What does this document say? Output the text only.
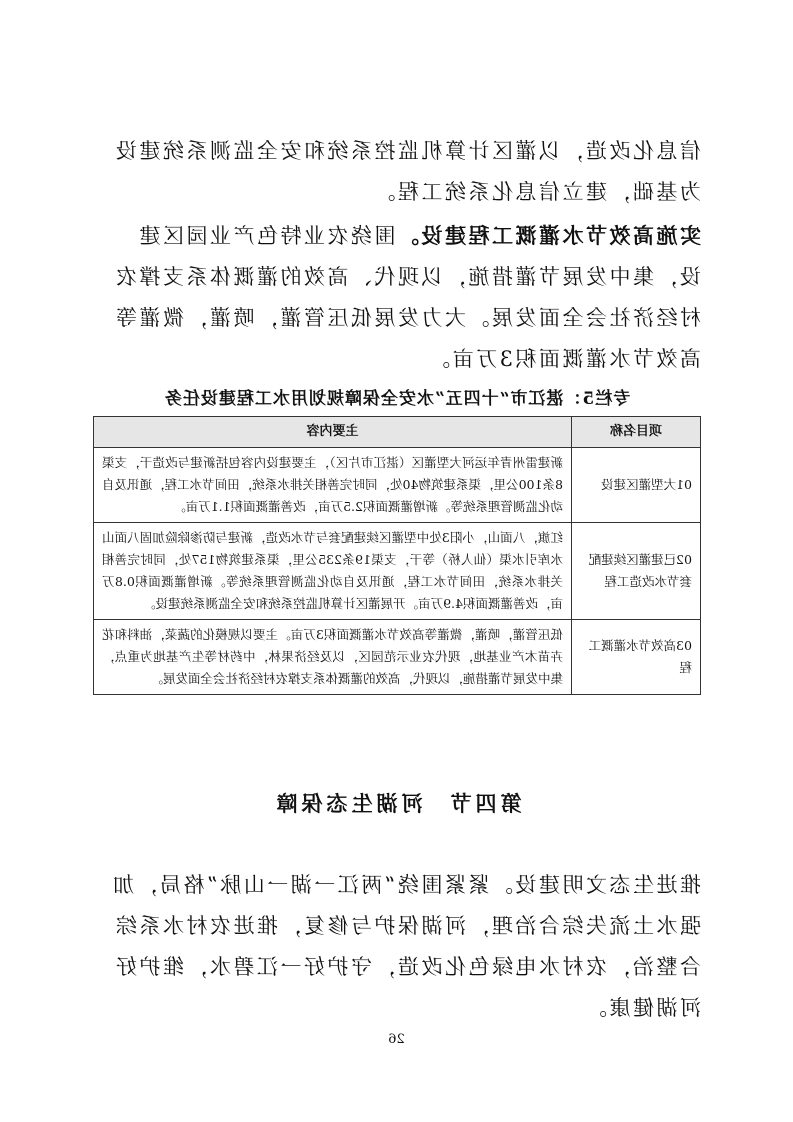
信息化改造，以灌区计算机监控系统和安全监测系统建设为基础，建立信息化系统工程。

实施高效节水灌溉工程建设。围绕农业特色产业园区建设，集中发展节灌措施，以现代、高效的灌溉体系支撑农村经济社会全面发展。大力发展低压管灌，喷灌，微灌等高效节水灌溉面积3万亩。

专栏5：湛江市“十四五”水安全保障规划用水工程建设任务
项目名称	主要内容
01大型灌区建设	新建雷州青年运河大型灌区（湛江市片区），主要建设内容包括新建与改造干，支渠8条100公里，渠系建筑物40处，同时完善相关排水系统，田间节水工程，通讯及自动化监测管理系统等。新增灌溉面积2.5万亩，改善灌溉面积1.1万亩。
02已建灌区续建配套节水改造工程	红旗，八面山，小阳3处中型灌区续建配套与节水改造，新建与防渗除险加固八面山水库引水渠（仙人桥）等干，支渠19条235公里，渠系建筑物157处，同时完善相关排水系统，田间节水工程，通讯及自动化监测管理系统等。新增灌溉面积0.8万亩，改善灌溉面积4.9万亩。开展灌区计算机监控系统和安全监测系统建设。
03高效节水灌溉工程	低压管灌，喷灌，微灌等高效节水灌溉面积3万亩。主要以规模化的蔬菜，油料和花卉苗木产业基地，现代农业示范园区，以及经济果林，中药材等生产基地为重点，集中发展节灌措施，以现代，高效的灌溉体系支撑农村经济社会全面发展。
第四节河湖生态保障

推进生态文明建设。紧紧围绕“两江一湖一山脉”格局，加强水土流失综合治理，河湖保护与修复，推进农村水系综合整治，农村水电绿色化改造，守护好一江碧水，维护好河湖健康。

26
